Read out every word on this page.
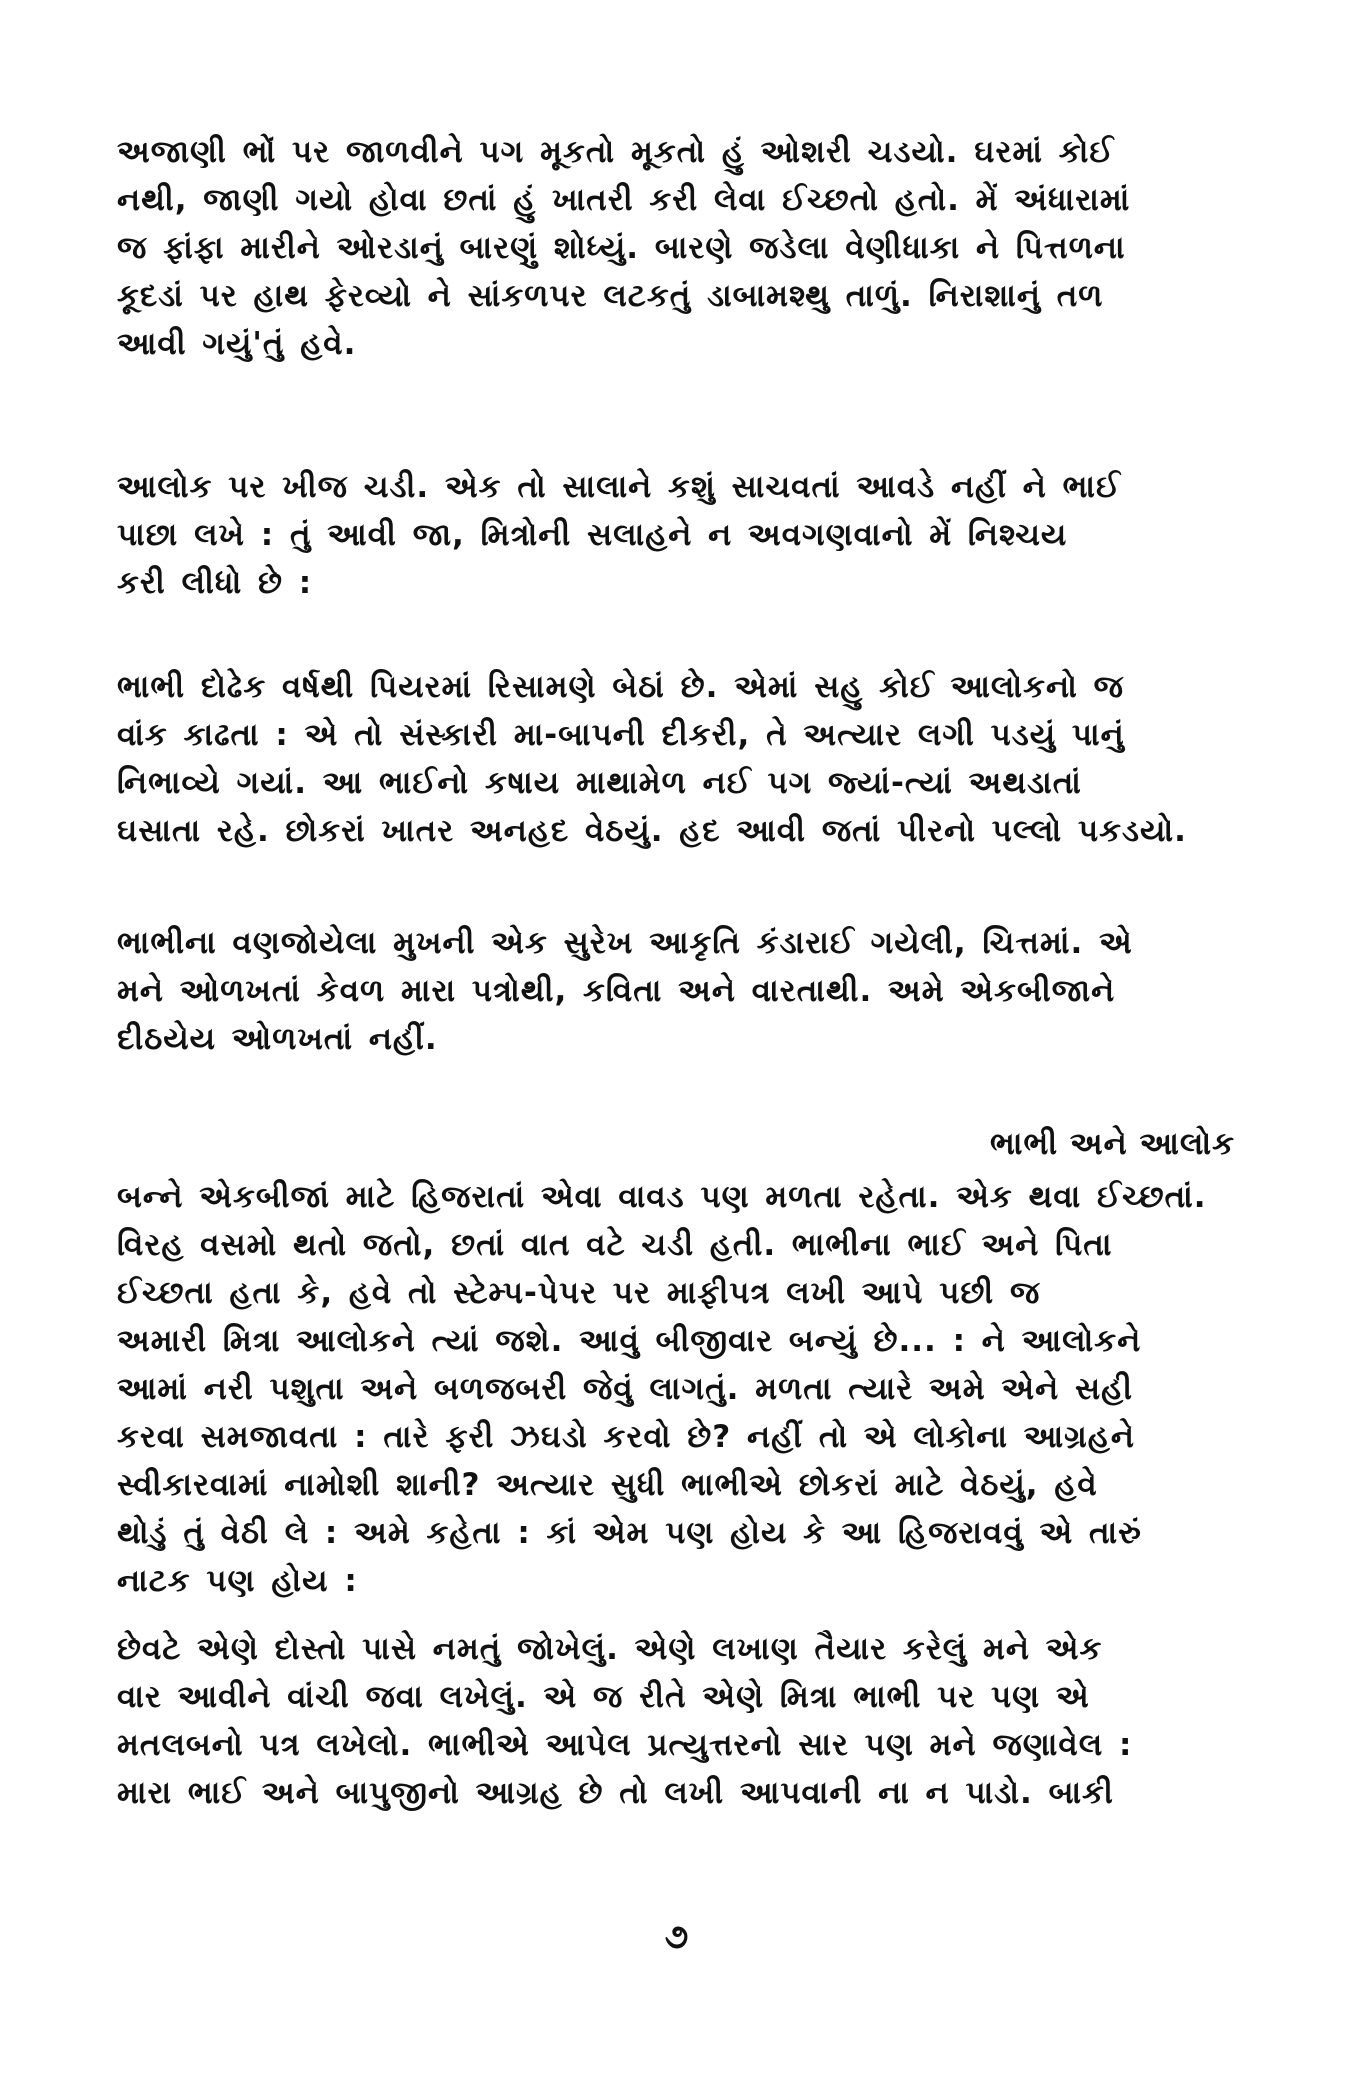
અજાણી ભોં પર જાળવીને પગ મૂકતો મૂકતો હું ઓશરી ચડયો. ઘરમાં કોઈ
નથી, જાણી ગયો હોવા છતાં હું ખાતરી કરી લેવા ઈચ્છતો હતો. મેં અંધારામાં
જ ફાંફા મારીને ઓરડાનું બારણું શોધ્યું. બારણે જડેલા વેણીધાકા ને પિત્તળના
કૂદડાં પર હાથ ફેરવ્યો ને સાંકળપર લટકતું ડાબામશ્થુ તાળું. નિરાશાનું તળ
આવી ગયું'તું હવે.
આલોક પર ખીજ ચડી. એક તો સાલાને કશું સાચવતાં આવડે નહીં ને ભાઈ
પાછા લખે : તું આવી જા, મિત્રોની સલાહને ન અવગણવાનો મેં નિશ્ચય
કરી લીધો છે :
ભાભી દોઢેક વર્ષથી પિયરમાં રિસામણે બેઠાં છે. એમાં સહુ કોઈ આલોકનો જ
વાંક કાઢતા : એ તો સંસ્કારી મા-બાપની દીકરી, તે અત્યાર લગી પડયું પાનું
નિભાવ્યે ગયાં. આ ભાઈનો કષાય માથામેળ નઈ પગ જ્યાં-ત્યાં અથડાતાં
ઘસાતા રહે. છોકરાં ખાતર અનહદ વેઠયું. હદ આવી જતાં પીરનો પલ્લો પકડયો.
ભાભીના વણજોયેલા મુખની એક સુરેખ આકૃતિ કંડારાઈ ગયેલી, ચિત્તમાં. એ
મને ઓળખતાં કેવળ મારા પત્રોથી, કવિતા અને વારતાથી. અમે એકબીજાને
દીઠયેય ઓળખતાં નહીં.
ભાભી અને આલોક
બન્ને એકબીજાં માટે હિજરાતાં એવા વાવડ પણ મળતા રહેતા. એક થવા ઈચ્છતાં.
વિરહ વસમો થતો જતો, છતાં વાત વટે ચડી હતી. ભાભીના ભાઈ અને પિતા
ઈચ્છતા હતા કે, હવે તો સ્ટેમ્પ-પેપર પર માફીપત્ર લખી આપે પછી જ
અમારી મિત્રા આલોકને ત્યાં જશે. આવું બીજીવાર બન્યું છે... : ને આલોકને
આમાં નરી પશુતા અને બળજબરી જેવું લાગતું. મળતા ત્યારે અમે એને સહી
કરવા સમજાવતા : તારે ફરી ઝઘડો કરવો છે? નહીં તો એ લોકોના આગ્રહને
સ્વીકારવામાં નામોશી શાની? અત્યાર સુધી ભાભીએ છોકરાં માટે વેઠયું, હવે
થોડું તું વેઠી લે : અમે કહેતા : કાં એમ પણ હોય કે આ હિજરાવવું એ તારું
નાટક પણ હોય :
છેવટે એણે દોસ્તો પાસે નમતું જોખેલું. એણે લખાણ તૈયાર કરેલું મને એક
વાર આવીને વાંચી જવા લખેલું. એ જ રીતે એણે મિત્રા ભાભી પર પણ એ
મતલબનો પત્ર લખેલો. ભાભીએ આપેલ પ્રત્યુત્તરનો સાર પણ મને જણાવેલ :
મારા ભાઈ અને બાપુજીનો આગ્રહ છે તો લખી આપવાની ના ન પાડો. બાકી
૭
